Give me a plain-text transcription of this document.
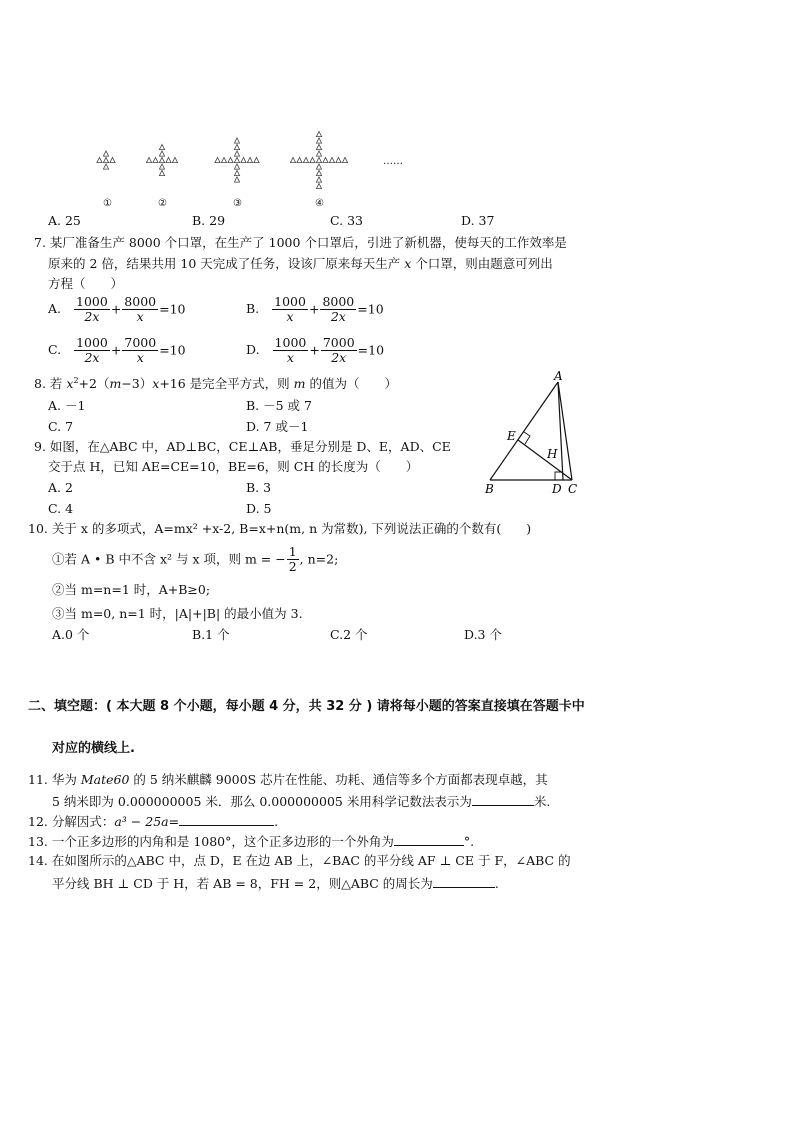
①	②	③	④
……
A. 25	B. 29	C. 33	D. 37
7. 某厂准备生产 8000 个口罩，在生产了 1000 个口罩后，引进了新机器，使每天的工作效率是
原来的 2 倍，结果共用 10 天完成了任务，设该厂原来每天生产 x 个口罩，则由题意可列出
方程（　　）
A. $\frac{1000}{2x} + \frac{8000}{x} =10$	B. $\frac{1000}{x} + \frac{8000}{2x} =10$
C. $\frac{1000}{2x} + \frac{7000}{x} =10$	D. $\frac{1000}{x} + \frac{7000}{2x} =10$
8. 若 $x^2+2(m-3)x+16$ 是完全平方式，则 m 的值为（　　）
A. －1	B. －5 或 7
C. 7	D. 7 或－1
9. 如图，在△ABC 中，AD⊥BC，CE⊥AB，垂足分别是 D、E，AD、CE
交于点 H，已知 AE=CE=10，BE=6，则 CH 的长度为（　　）
A. 2	B. 3
C. 4	D. 5
A
E
H
B	D C
10. 关于 x 的多项式，A=mx² +x-2, B=x+n(m, n 为常数), 下列说法正确的个数有(　　)
①若 A • B 中不含 x² 与 x 项，则 m = − $\frac{1}{2}$ , n=2;
②当 m=n=1 时，A+B≥0;
③当 m=0, n=1 时，|A|+|B| 的最小值为 3.
A.0 个	B.1 个	C.2 个	D.3 个
二、填空题：( 本大题 8 个小题，每小题 4 分，共 32 分 ) 请将每小题的答案直接填在答题卡中
对应的横线上.
11. 华为 Mate60 的 5 纳米麒麟 9000S 芯片在性能、功耗、通信等多个方面都表现卓越，其
5 纳米即为 0.000000005 米．那么 0.000000005 米用科学记数法表示为	米.
12. 分解因式：a³ − 25a=	.
13. 一个正多边形的内角和是 1080°，这个正多边形的一个外角为	°.
14. 在如图所示的△ABC 中，点 D，E 在边 AB 上，∠BAC 的平分线 AF ⊥ CE 于 F，∠ABC 的
平分线 BH ⊥ CD 于 H，若 AB = 8，FH = 2，则△ABC 的周长为	.
